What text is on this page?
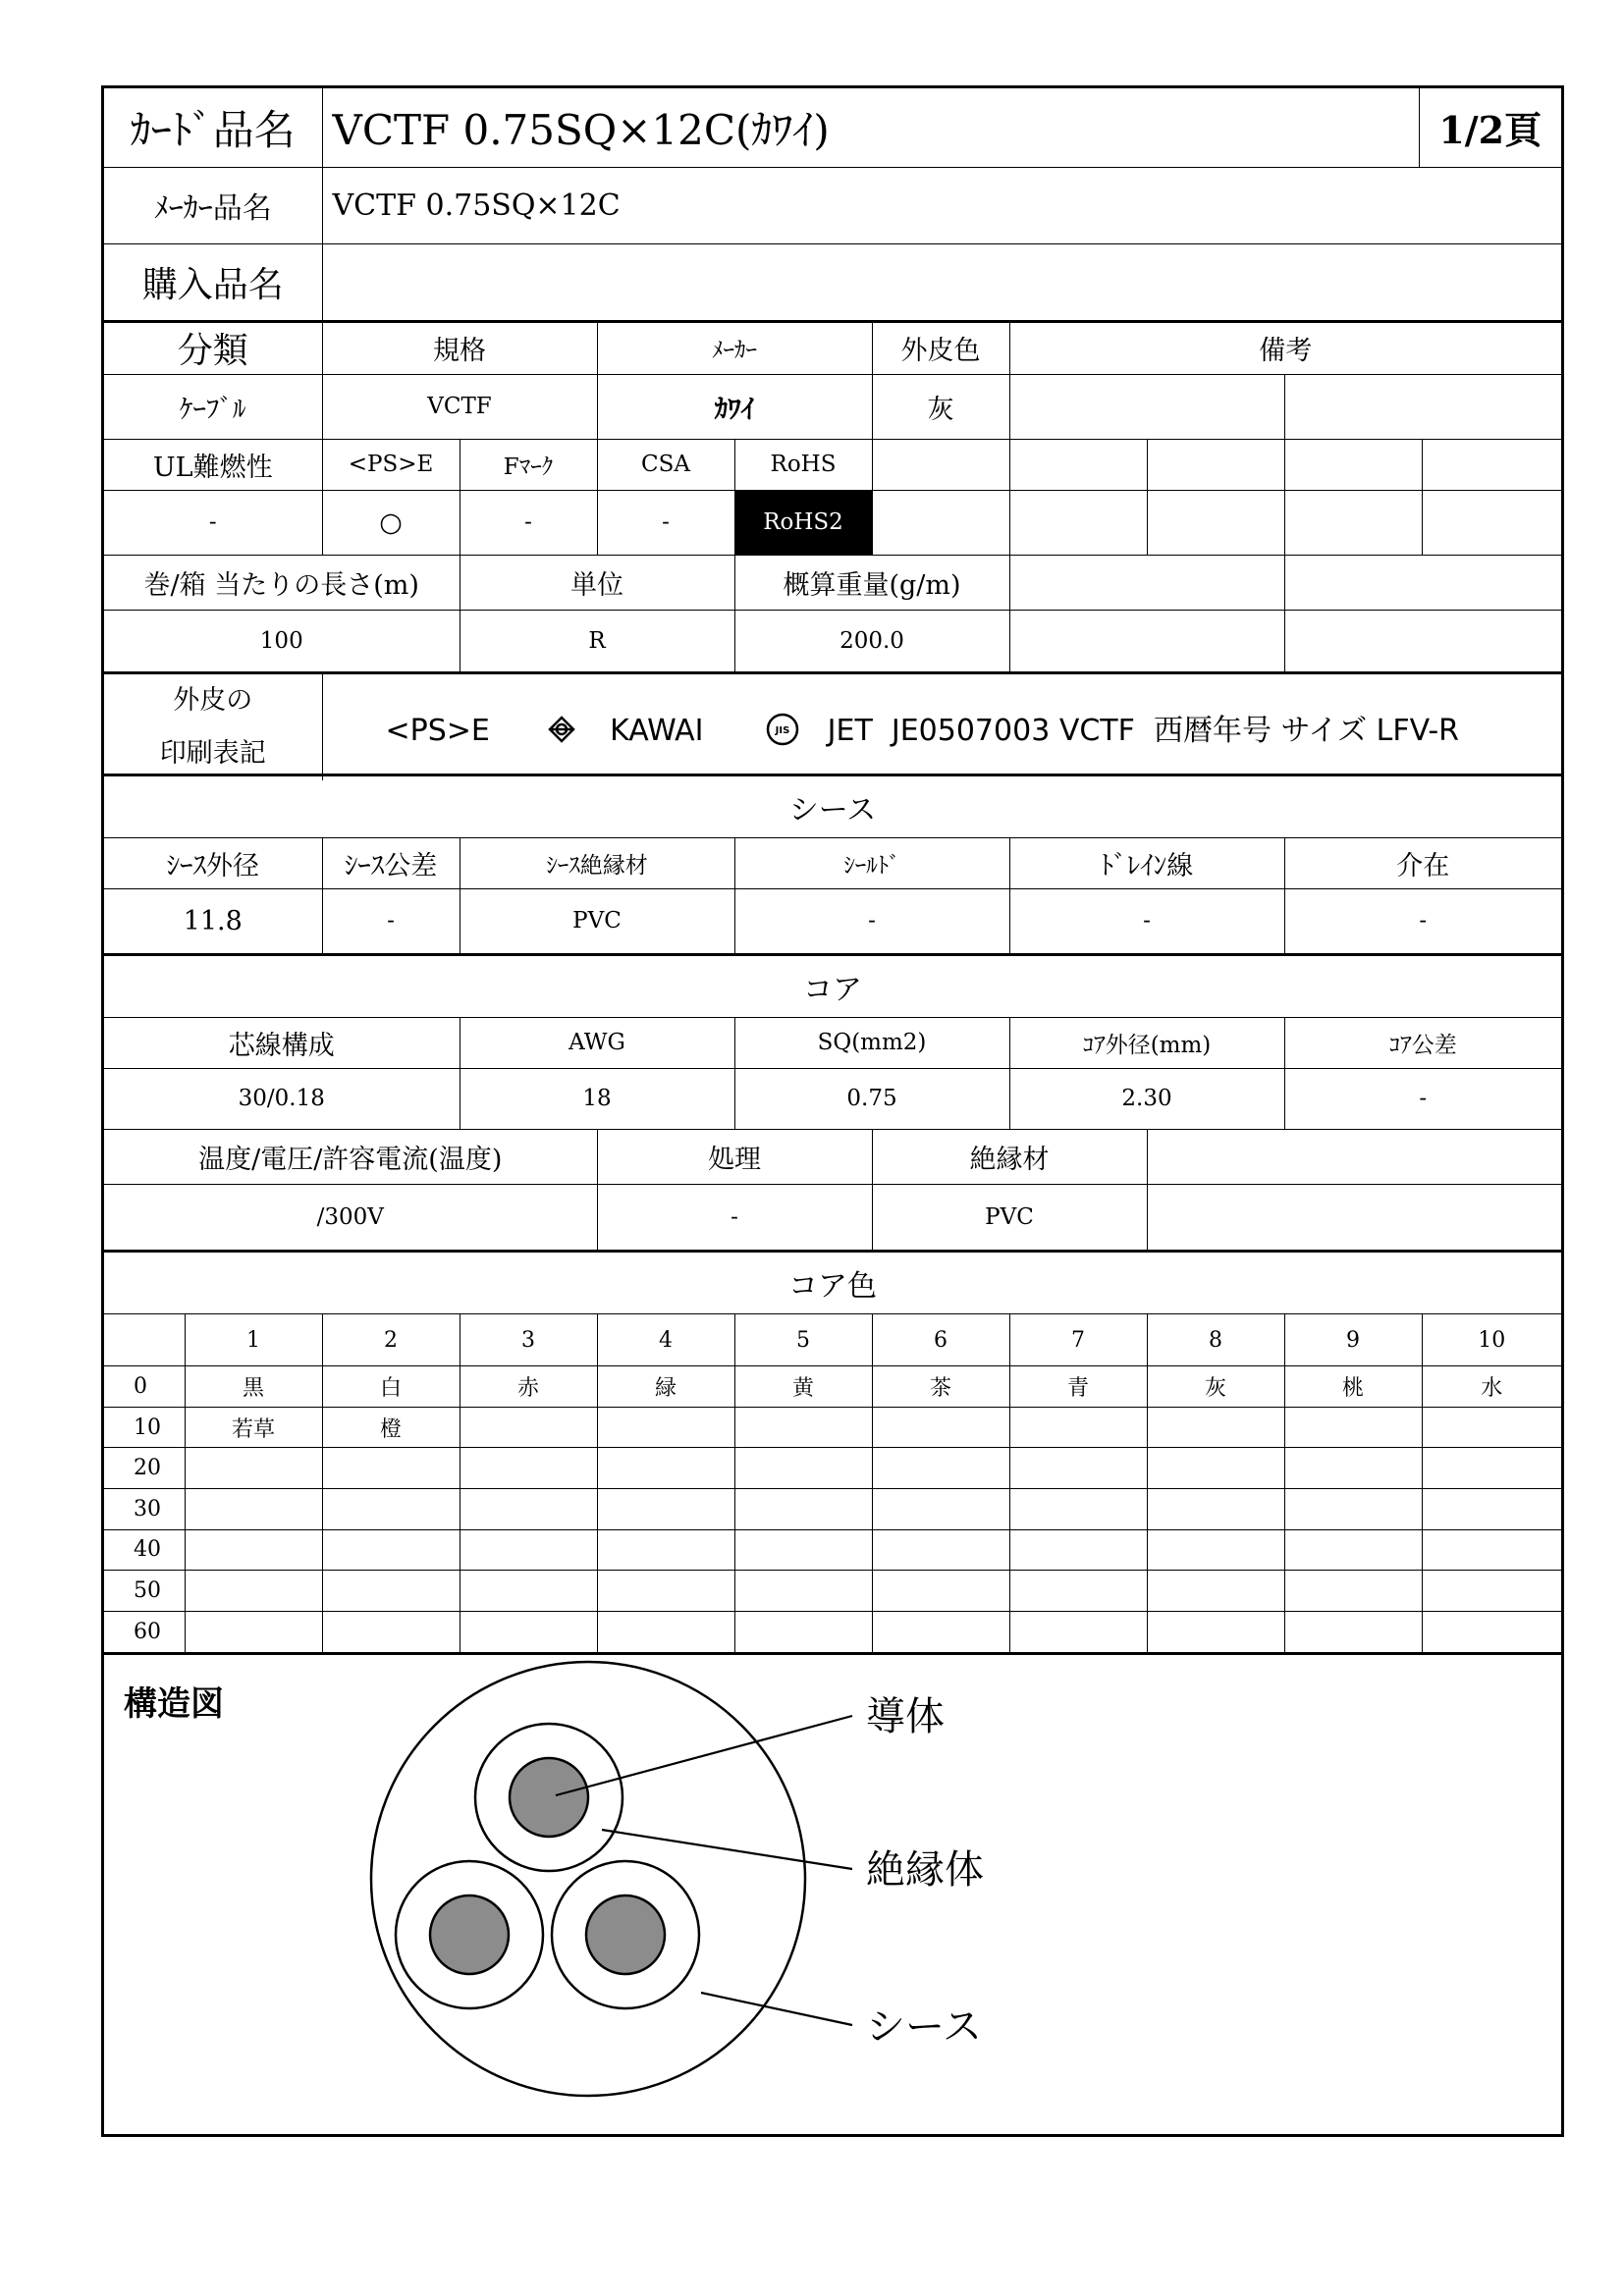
ｶｰﾄﾞ品名	VCTF 0.75SQ×12C(ｶﾜｲ)	1/2頁
ﾒｰｶｰ品名	VCTF 0.75SQ×12C	
購入品名		
分類	規格		ﾒｰｶｰ		外皮色	備考			
ｹｰﾌﾞﾙ	VCTF		ｶﾜｲ		灰				
UL難燃性	<PS>E	Fﾏｰｸ	CSA	RoHS					
-	○	-	-	RoHS2					
巻/箱 当たりの長さ(m)		単位		概算重量(g/m)					
100		R		200.0					
外皮の
印刷表記
	<PS>E	KAWAI	JIS JET  JE0507003 VCTF  西暦年号 サイズ LFV-R
シース					
ｼｰｽ外径	ｼｰｽ公差	ｼｰｽ絶縁材	ｼｰﾙﾄﾞ	ﾄﾞﾚｲﾝ線	介在
11.8	-	PVC	-	-	-
コア							
芯線構成	AWG		SQ(mm2)		ｺｱ外径(mm)		ｺｱ公差
30/0.18	18		0.75		2.30		-
温度/電圧/許容電流(温度)		処理		絶縁材			
/300V		-		PVC			
コア色										
	1	2	3	4	5	6	7	8	9	10
0	黒	白	赤	緑	黄	茶	青	灰	桃	水
10	若草	橙								
20										
30										
40										
50										
60										
構造図	導体
絶縁体
シース
